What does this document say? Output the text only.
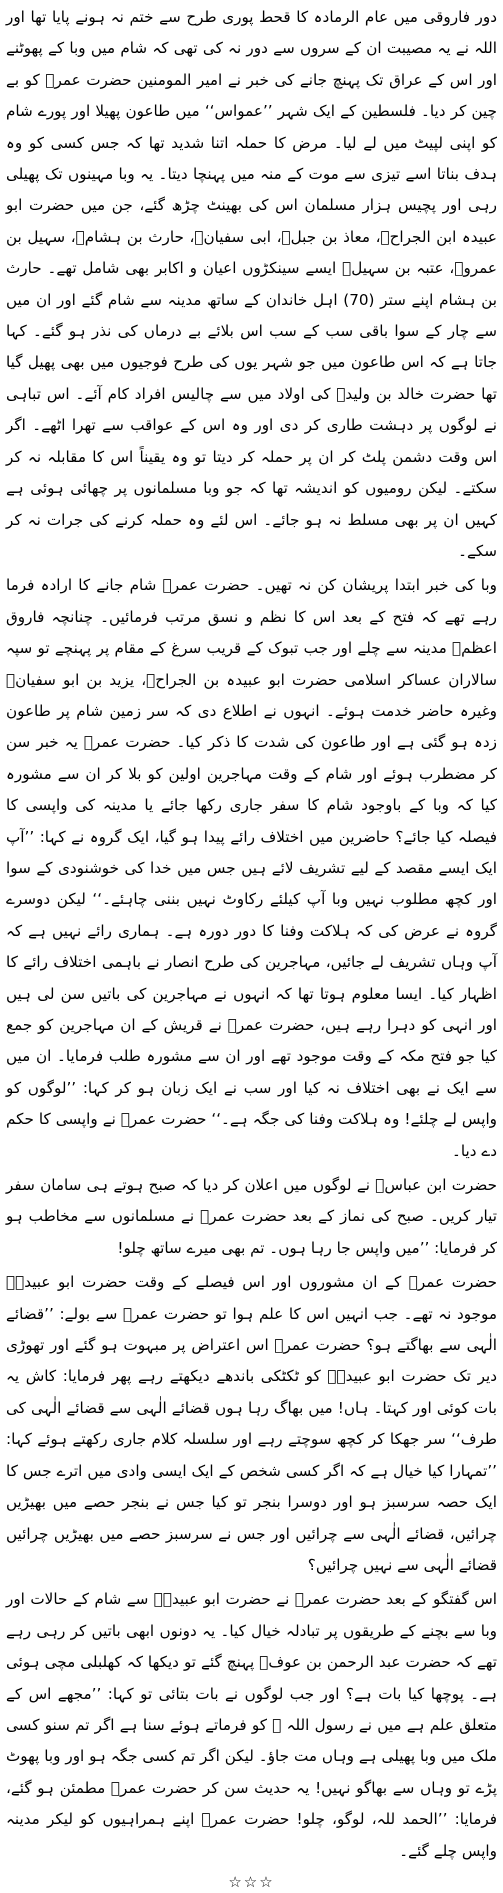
دور فاروقی میں عام الرمادہ کا قحط پوری طرح سے ختم نہ ہونے پایا تھا اور اللہ نے یہ مصیبت ان کے سروں سے دور نہ کی تھی کہ شام میں وبا کے پھوٹنے اور اس کے عراق تک پہنچ جانے کی خبر نے امیر المومنین حضرت عمرؓ کو بے چین کر دیا۔ فلسطین کے ایک شہر ’’عمواس‘‘ میں طاعون پھیلا اور پورے شام کو اپنی لپیٹ میں لے لیا۔ مرض کا حملہ اتنا شدید تھا کہ جس کسی کو وہ ہدف بناتا اسے تیزی سے موت کے منہ میں پہنچا دیتا۔ یہ وبا مہینوں تک پھیلی رہی اور پچیس ہزار مسلمان اس کی بھینٹ چڑھ گئے، جن میں حضرت ابو عبیدہ ابن الجراحؓ، معاذ بن جبلؓ، ابی سفیانؓ، حارث بن ہشامؓ، سہیل بن عمروؓ، عتبہ بن سہیلؓ ایسے سینکڑوں اعیان و اکابر بھی شامل تھے۔ حارث بن ہشام اپنے ستر (70) اہل خاندان کے ساتھ مدینہ سے شام گئے اور ان میں سے چار کے سوا باقی سب کے سب اس بلائے بے درماں کی نذر ہو گئے۔ کہا جاتا ہے کہ اس طاعون میں جو شہر یوں کی طرح فوجیوں میں بھی پھیل گیا تھا حضرت خالد بن ولیدؓ کی اولاد میں سے چالیس افراد کام آئے۔ اس تباہی نے لوگوں پر دہشت طاری کر دی اور وہ اس کے عواقب سے تھرا اٹھے۔ اگر اس وقت دشمن پلٹ کر ان پر حملہ کر دیتا تو وہ یقیناً اس کا مقابلہ نہ کر سکتے۔ لیکن رومیوں کو اندیشہ تھا کہ جو وبا مسلمانوں پر چھائی ہوئی ہے کہیں ان پر بھی مسلط نہ ہو جائے۔ اس لئے وہ حملہ کرنے کی جرات نہ کر سکے۔

وبا کی خبر ابتدا پریشان کن نہ تھیں۔ حضرت عمرؓ شام جانے کا ارادہ فرما رہے تھے کہ فتح کے بعد اس کا نظم و نسق مرتب فرمائیں۔ چنانچہ فاروق اعظمؓ مدینہ سے چلے اور جب تبوک کے قریب سرغ کے مقام پر پہنچے تو سپہ سالاران عساکر اسلامی حضرت ابو عبیدہ بن الجراحؓ، یزید بن ابو سفیانؓ وغیرہ حاضر خدمت ہوئے۔ انہوں نے اطلاع دی کہ سر زمین شام پر طاعون زدہ ہو گئی ہے اور طاعون کی شدت کا ذکر کیا۔ حضرت عمرؓ یہ خبر سن کر مضطرب ہوئے اور شام کے وقت مہاجرین اولین کو بلا کر ان سے مشورہ کیا کہ وبا کے باوجود شام کا سفر جاری رکھا جائے یا مدینہ کی واپسی کا فیصلہ کیا جائے؟ حاضرین میں اختلاف رائے پیدا ہو گیا، ایک گروہ نے کہا: ’’آپ ایک ایسے مقصد کے لیے تشریف لائے ہیں جس میں خدا کی خوشنودی کے سوا اور کچھ مطلوب نہیں وبا آپ کیلئے رکاوٹ نہیں بننی چاہئے۔‘‘ لیکن دوسرے گروہ نے عرض کی کہ ہلاکت وفنا کا دور دورہ ہے۔ ہماری رائے نہیں ہے کہ آپ وہاں تشریف لے جائیں، مہاجرین کی طرح انصار نے باہمی اختلاف رائے کا اظہار کیا۔ ایسا معلوم ہوتا تھا کہ انہوں نے مہاجرین کی باتیں سن لی ہیں اور انہی کو دہرا رہے ہیں، حضرت عمرؓ نے قریش کے ان مہاجرین کو جمع کیا جو فتح مکہ کے وقت موجود تھے اور ان سے مشورہ طلب فرمایا۔ ان میں سے ایک نے بھی اختلاف نہ کیا اور سب نے ایک زبان ہو کر کہا: ’’لوگوں کو واپس لے چلئے! وہ ہلاکت وفنا کی جگہ ہے۔‘‘ حضرت عمرؓ نے واپسی کا حکم دے دیا۔

حضرت ابن عباسؓ نے لوگوں میں اعلان کر دیا کہ صبح ہوتے ہی سامان سفر تیار کریں۔ صبح کی نماز کے بعد حضرت عمرؓ نے مسلمانوں سے مخاطب ہو کر فرمایا: ’’میں واپس جا رہا ہوں۔ تم بھی میرے ساتھ چلو!

حضرت عمرؓ کے ان مشوروں اور اس فیصلے کے وقت حضرت ابو عبیدہؓ موجود نہ تھے۔ جب انہیں اس کا علم ہوا تو حضرت عمرؓ سے بولے: ’’قضائے الٰہی سے بھاگتے ہو؟ حضرت عمرؓ اس اعتراض پر مبہوت ہو گئے اور تھوڑی دیر تک حضرت ابو عبیدہؓ کو ٹکٹکی باندھے دیکھتے رہے پھر فرمایا: کاش یہ بات کوئی اور کہتا۔ ہاں! میں بھاگ رہا ہوں قضائے الٰہی سے قضائے الٰہی کی طرف‘‘ سر جھکا کر کچھ سوچتے رہے اور سلسلہ کلام جاری رکھتے ہوئے کہا: ’’تمہارا کیا خیال ہے کہ اگر کسی شخص کے ایک ایسی وادی میں اترے جس کا ایک حصہ سرسبز ہو اور دوسرا بنجر تو کیا جس نے بنجر حصے میں بھیڑیں چرائیں، قضائے الٰہی سے چرائیں اور جس نے سرسبز حصے میں بھیڑیں چرائیں قضائے الٰہی سے نہیں چرائیں؟

اس گفتگو کے بعد حضرت عمرؓ نے حضرت ابو عبیدہؓ سے شام کے حالات اور وبا سے بچنے کے طریقوں پر تبادلہ خیال کیا۔ یہ دونوں ابھی باتیں کر رہی رہے تھے کہ حضرت عبد الرحمن بن عوفؓ پہنچ گئے تو دیکھا کہ کھلبلی مچی ہوئی ہے۔ پوچھا کیا بات ہے؟ اور جب لوگوں نے بات بتائی تو کہا: ’’مجھے اس کے متعلق علم ہے میں نے رسول اللہ ﷺ کو فرماتے ہوئے سنا ہے اگر تم سنو کسی ملک میں وبا پھیلی ہے وہاں مت جاؤ۔ لیکن اگر تم کسی جگہ ہو اور وبا پھوٹ پڑے تو وہاں سے بھاگو نہیں! یہ حدیث سن کر حضرت عمرؓ مطمئن ہو گئے، فرمایا: ’’الحمد للہ، لوگو، چلو! حضرت عمرؓ اپنے ہمراہیوں کو لیکر مدینہ واپس چلے گئے۔

☆☆☆
